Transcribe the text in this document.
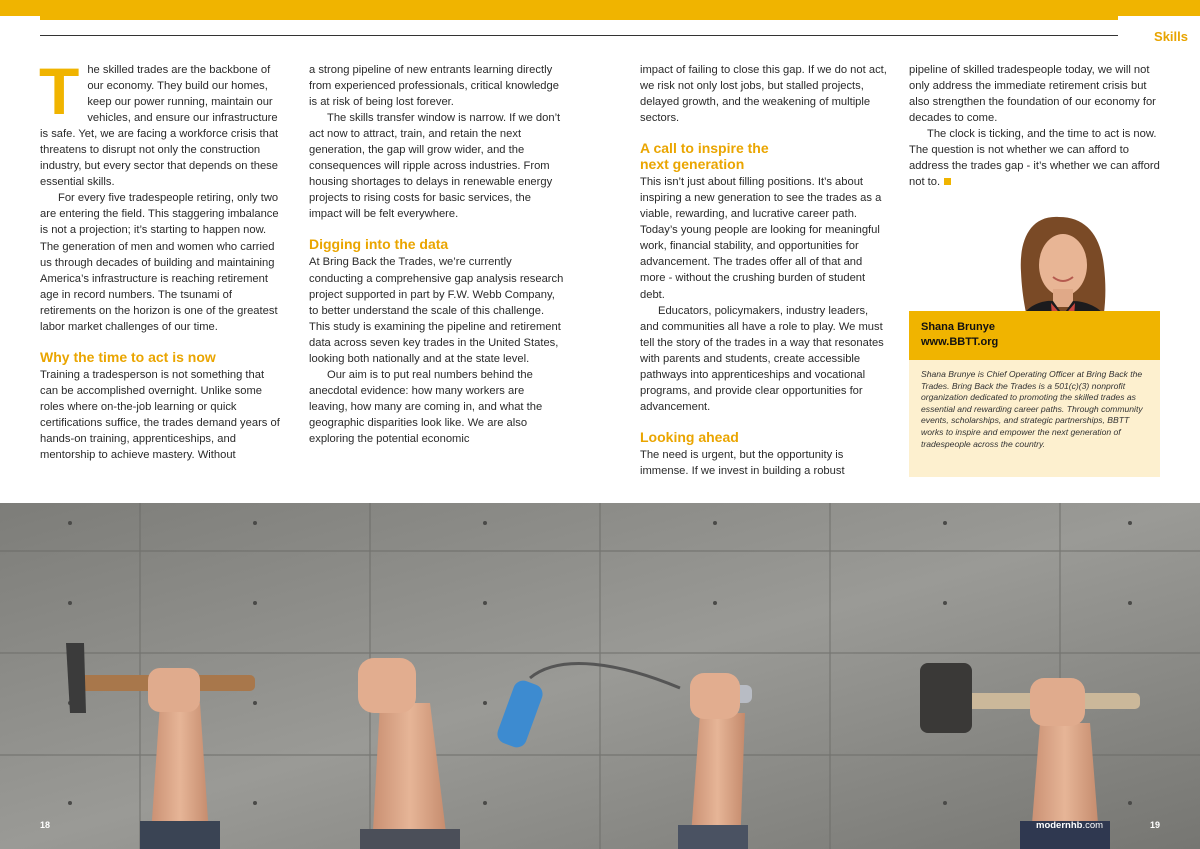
Skills

The skilled trades are the backbone of our economy. They build our homes, keep our power running, maintain our vehicles, and ensure our infrastructure is safe. Yet, we are facing a workforce crisis that threatens to disrupt not only the construction industry, but every sector that depends on these essential skills.

For every five tradespeople retiring, only two are entering the field. This staggering imbalance is not a projection; it’s starting to happen now. The generation of men and women who carried us through decades of building and maintaining America’s infrastructure is reaching retirement age in record numbers. The tsunami of retirements on the horizon is one of the greatest labor market challenges of our time.

Why the time to act is now

Training a tradesperson is not something that can be accomplished overnight. Unlike some roles where on-the-job learning or quick certifications suffice, the trades demand years of hands-on training, apprenticeships, and mentorship to achieve mastery. Without

a strong pipeline of new entrants learning directly from experienced professionals, critical knowledge is at risk of being lost forever.

The skills transfer window is narrow. If we don’t act now to attract, train, and retain the next generation, the gap will grow wider, and the consequences will ripple across industries. From housing shortages to delays in renewable energy projects to rising costs for basic services, the impact will be felt everywhere.

Digging into the data

At Bring Back the Trades, we’re currently conducting a comprehensive gap analysis research project supported in part by F.W. Webb Company, to better understand the scale of this challenge. This study is examining the pipeline and retirement data across seven key trades in the United States, looking both nationally and at the state level.

Our aim is to put real numbers behind the anecdotal evidence: how many workers are leaving, how many are coming in, and what the geographic disparities look like. We are also exploring the potential economic

impact of failing to close this gap. If we do not act, we risk not only lost jobs, but stalled projects, delayed growth, and the weakening of multiple sectors.

A call to inspire the next generation

This isn’t just about filling positions. It’s about inspiring a new generation to see the trades as a viable, rewarding, and lucrative career path. Today’s young people are looking for meaningful work, financial stability, and opportunities for advancement. The trades offer all of that and more - without the crushing burden of student debt.

Educators, policymakers, industry leaders, and communities all have a role to play. We must tell the story of the trades in a way that resonates with parents and students, create accessible pathways into apprenticeships and vocational programs, and provide clear opportunities for advancement.

Looking ahead

The need is urgent, but the opportunity is immense. If we invest in building a robust

pipeline of skilled tradespeople today, we will not only address the immediate retirement crisis but also strengthen the foundation of our economy for decades to come.

The clock is ticking, and the time to act is now. The question is not whether we can afford to address the trades gap - it’s whether we can afford not to.

Shana Brunye
www.BBTT.org
Shana Brunye is Chief Operating Officer at Bring Back the Trades. Bring Back the Trades is a 501(c)(3) nonprofit organization dedicated to promoting the skilled trades as essential and rewarding career paths. Through community events, scholarships, and strategic partnerships, BBTT works to inspire and empower the next generation of tradespeople across the country.
18	modernhb.com	19
